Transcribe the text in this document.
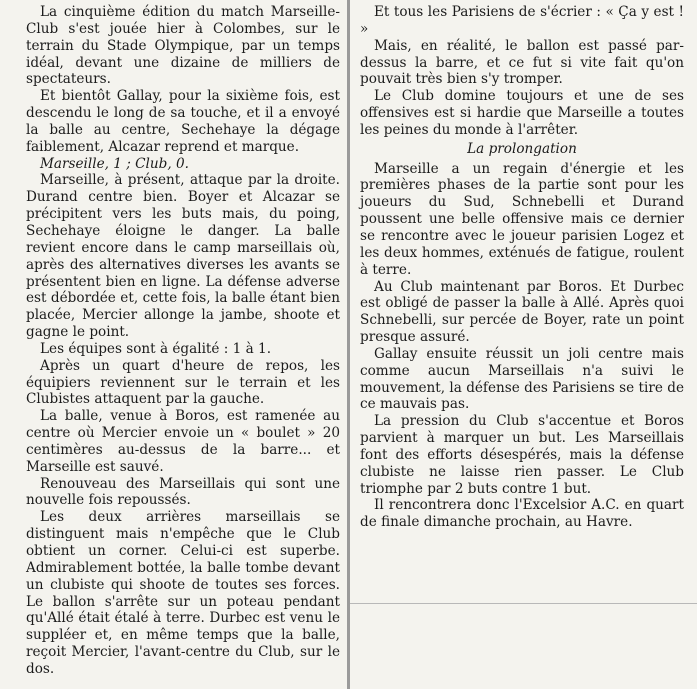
La cinquième édition du match Marseille-Club s'est jouée hier à Colombes, sur le terrain du Stade Olympique, par un temps idéal, devant une dizaine de milliers de spectateurs.

Et bientôt Gallay, pour la sixième fois, est descendu le long de sa touche, et il a envoyé la balle au centre, Sechehaye la dégage faiblement, Alcazar reprend et marque.

Marseille, 1 ; Club, 0.

Marseille, à présent, attaque par la droite. Durand centre bien. Boyer et Alcazar se précipitent vers les buts mais, du poing, Sechehaye éloigne le danger. La balle revient encore dans le camp marseillais où, après des alternatives diverses les avants se présentent bien en ligne. La défense adverse est débordée et, cette fois, la balle étant bien placée, Mercier allonge la jambe, shoote et gagne le point.

Les équipes sont à égalité : 1 à 1.

Après un quart d'heure de repos, les équipiers reviennent sur le terrain et les Clubistes attaquent par la gauche.

La balle, venue à Boros, est ramenée au centre où Mercier envoie un « boulet » 20 centimères au-dessus de la barre... et Marseille est sauvé.

Renouveau des Marseillais qui sont une nouvelle fois repoussés.

Les deux arrières marseillais se distinguent mais n'empêche que le Club obtient un corner. Celui-ci est superbe. Admirablement bottée, la balle tombe devant un clubiste qui shoote de toutes ses forces. Le ballon s'arrête sur un poteau pendant qu'Allé était étalé à terre. Durbec est venu le suppléer et, en même temps que la balle, reçoit Mercier, l'avant-centre du Club, sur le dos.

Et tous les Parisiens de s'écrier : « Ça y est ! »

Mais, en réalité, le ballon est passé par-dessus la barre, et ce fut si vite fait qu'on pouvait très bien s'y tromper.

Le Club domine toujours et une de ses offensives est si hardie que Marseille a toutes les peines du monde à l'arrêter.

La prolongation

Marseille a un regain d'énergie et les premières phases de la partie sont pour les joueurs du Sud, Schnebelli et Durand poussent une belle offensive mais ce dernier se rencontre avec le joueur parisien Logez et les deux hommes, exténués de fatigue, roulent à terre.

Au Club maintenant par Boros. Et Durbec est obligé de passer la balle à Allé. Après quoi Schnebelli, sur percée de Boyer, rate un point presque assuré.

Gallay ensuite réussit un joli centre mais comme aucun Marseillais n'a suivi le mouvement, la défense des Parisiens se tire de ce mauvais pas.

La pression du Club s'accentue et Boros parvient à marquer un but. Les Marseillais font des efforts désespérés, mais la défense clubiste ne laisse rien passer. Le Club triomphe par 2 buts contre 1 but.

Il rencontrera donc l'Excelsior A.C. en quart de finale dimanche prochain, au Havre.
